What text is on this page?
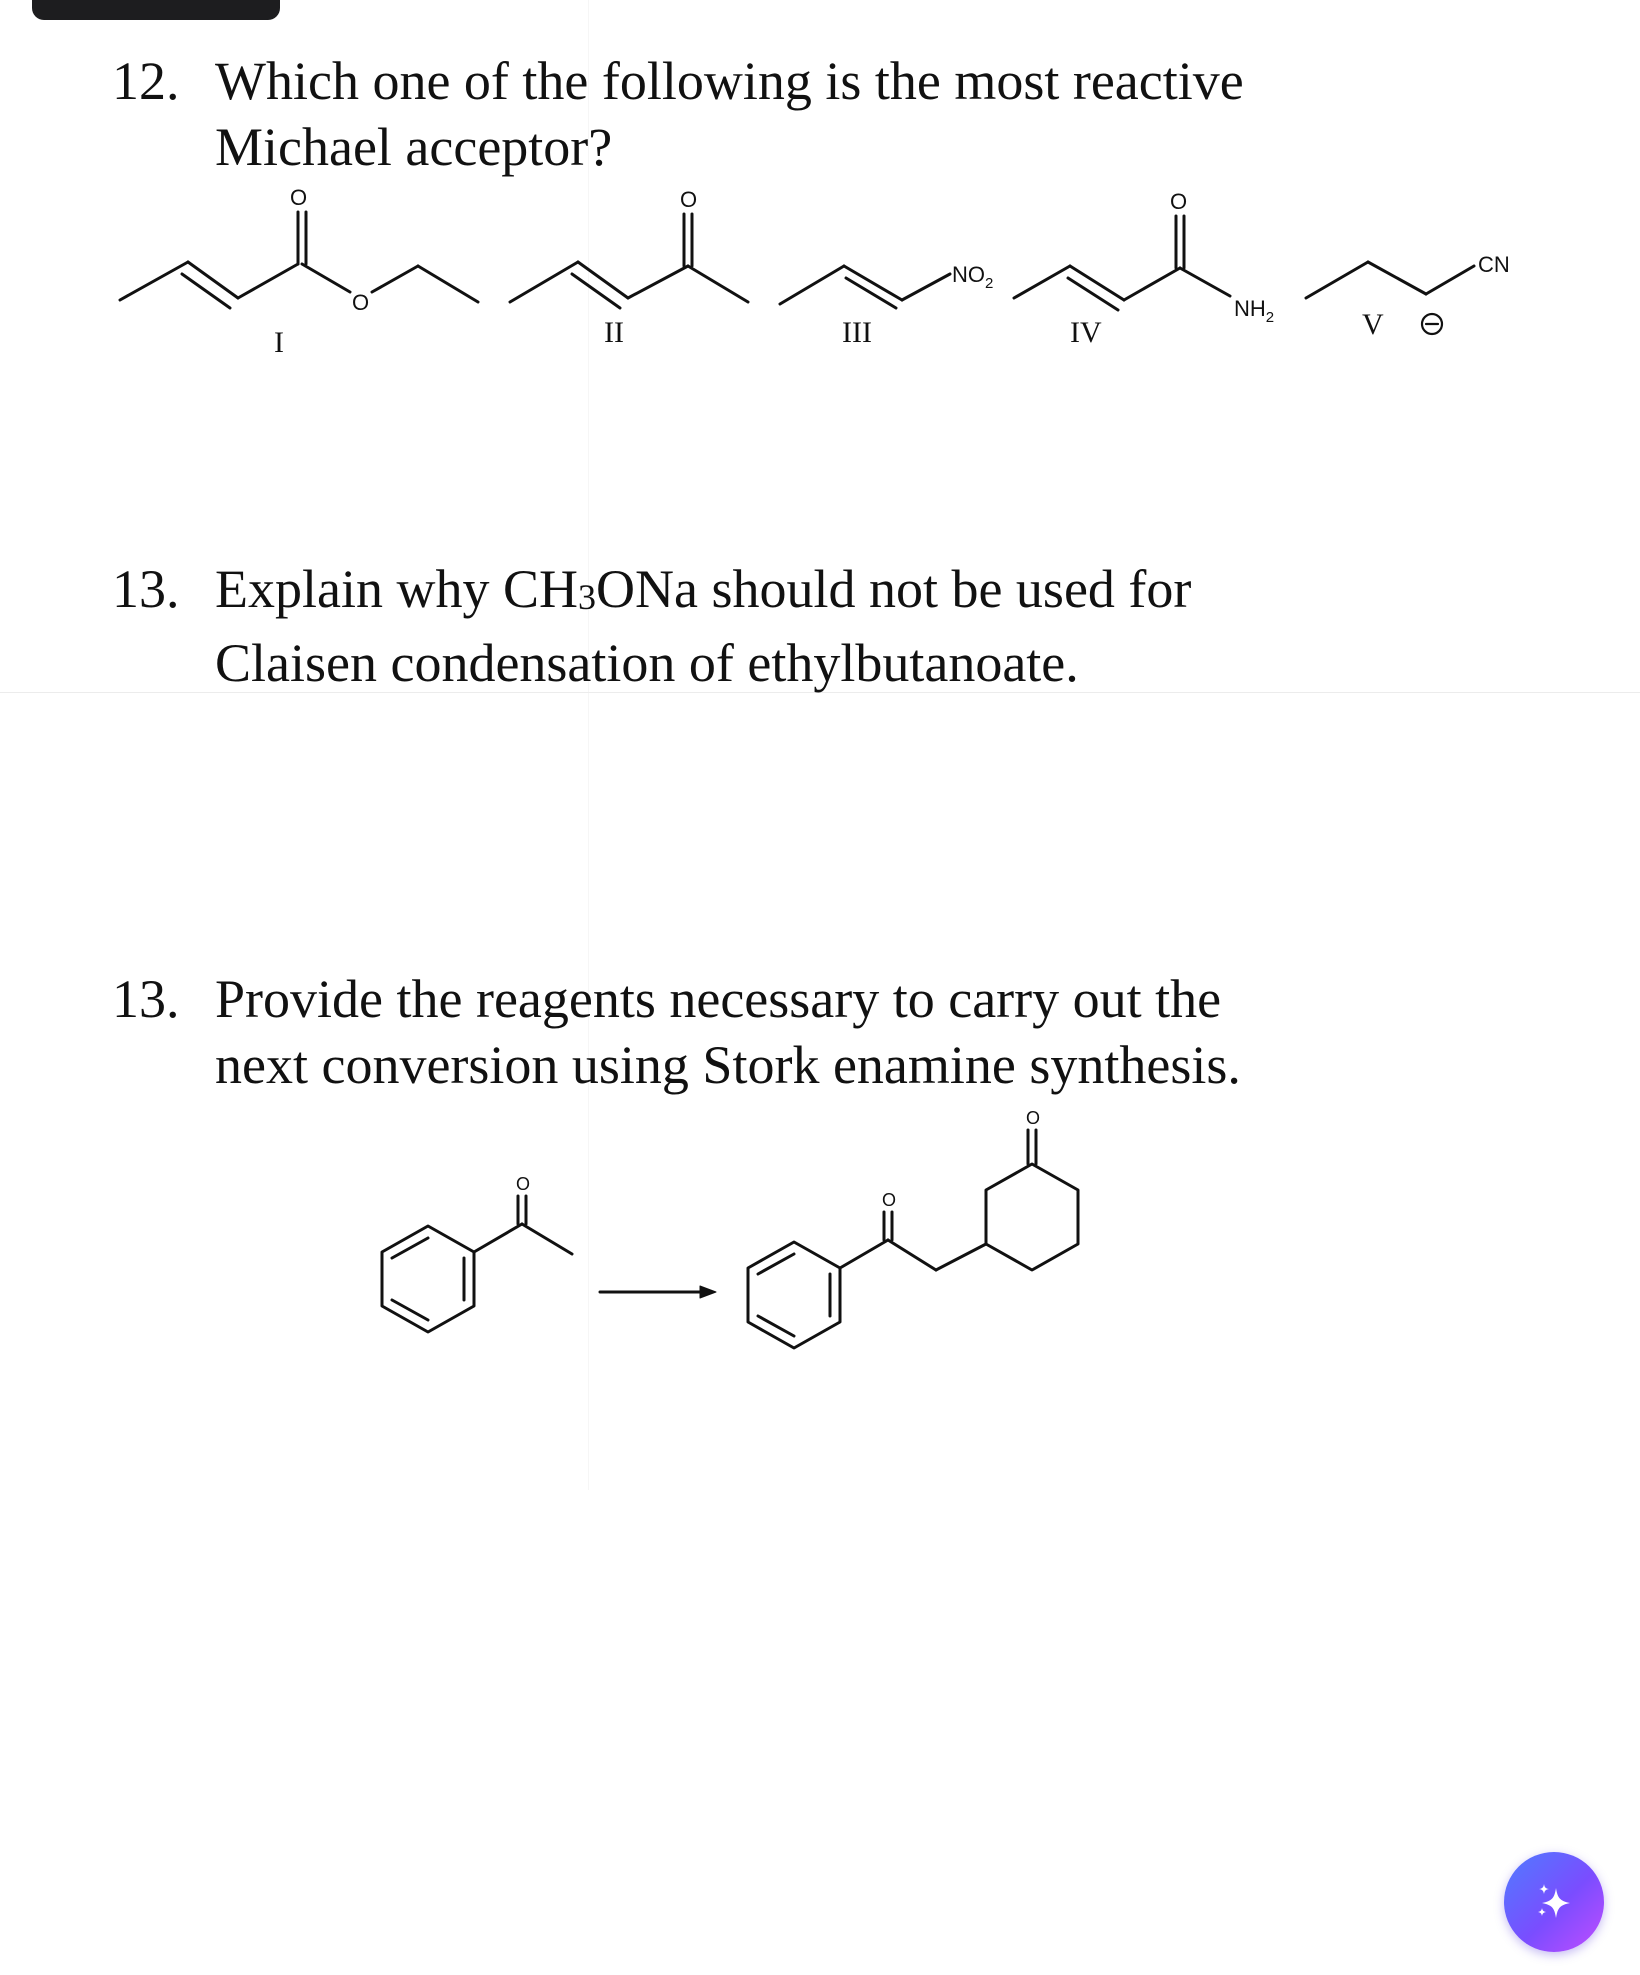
12. Which one of the following is the most reactive
Michael acceptor?
13. Explain why CH3ONa should not be used for
Claisen condensation of ethylbutanoate.
13. Provide the reagents necessary to carry out the
next conversion using Stork enamine synthesis.
O
O
O
$NO_2$
O
$NH_2$
CN
O
O
O
I	II	III	IV	V
